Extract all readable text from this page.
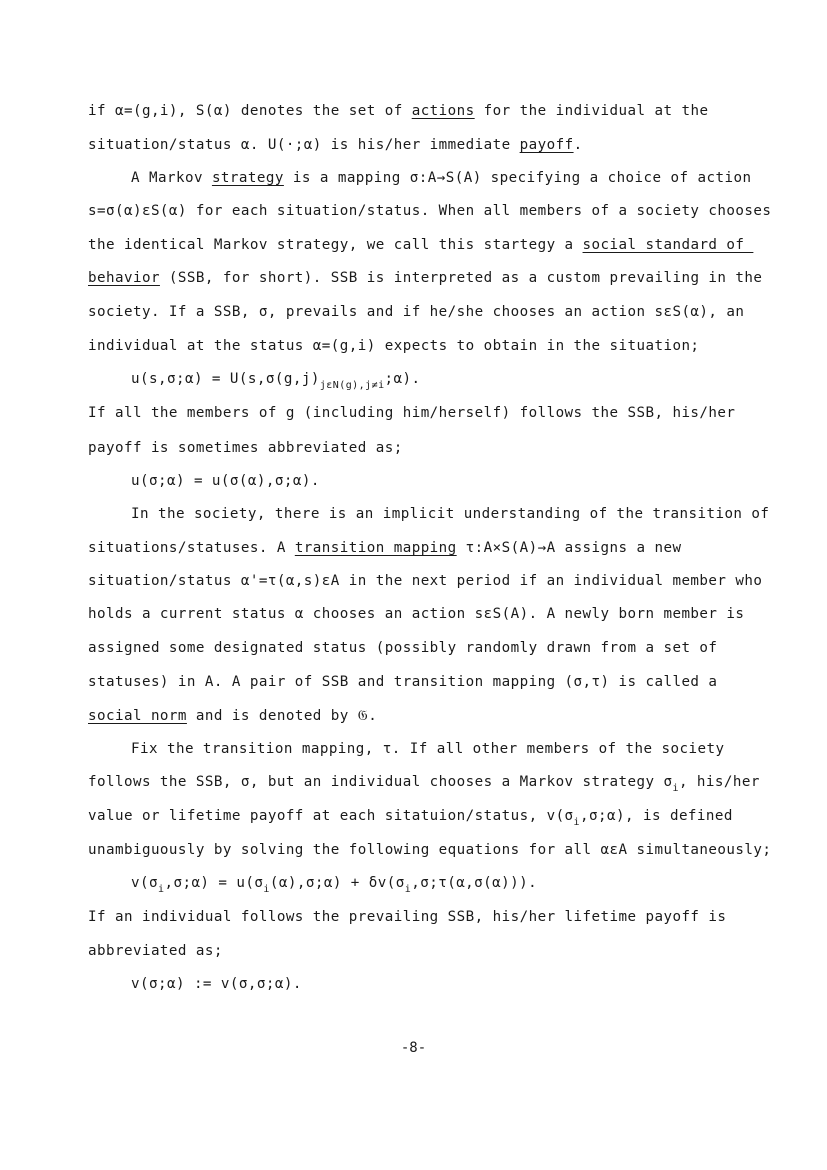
if α=(g,i), S(α) denotes the set of actions for the individual at the
situation/status α. U(·;α) is his/her immediate payoff.
A Markov strategy is a mapping σ:A→S(A) specifying a choice of action
s=σ(α)εS(α) for each situation/status. When all members of a society chooses
the identical Markov strategy, we call this startegy a social standard of
behavior (SSB, for short). SSB is interpreted as a custom prevailing in the
society. If a SSB, σ, prevails and if he/she chooses an action sεS(α), an
individual at the status α=(g,i) expects to obtain in the situation;
u(s,σ;α) = $U(s,\sigma(g,j)_{j\varepsilon N(g),j\ne i};\alpha)$.
If all the members of g (including him/herself) follows the SSB, his/her
payoff is sometimes abbreviated as;
u(σ;α) = u(σ(α),σ;α).
In the society, there is an implicit understanding of the transition of
situations/statuses. A transition mapping τ:A×S(A)→A assigns a new
situation/status α'=τ(α,s)εA in the next period if an individual member who
holds a current status α chooses an action sεS(A). A newly born member is
assigned some designated status (possibly randomly drawn from a set of
statuses) in A. A pair of SSB and transition mapping (σ,τ) is called a
social norm and is denoted by 𝔊.
Fix the transition mapping, τ. If all other members of the society
follows the SSB, σ, but an individual chooses a Markov strategy $\sigma_i$, his/her
value or lifetime payoff at each sitatuion/status, $v(\sigma_i,\sigma;\alpha)$, is defined
unambiguously by solving the following equations for all αεA simultaneously;
$v(\sigma_i,\sigma;\alpha)$ = $u(\sigma_i(\alpha),\sigma;\alpha)$ + $\delta v(\sigma_i,\sigma;\tau(\alpha,\sigma(\alpha)))$.
If an individual follows the prevailing SSB, his/her lifetime payoff is
abbreviated as;
v(σ;α) := v(σ,σ;α).
-8-
